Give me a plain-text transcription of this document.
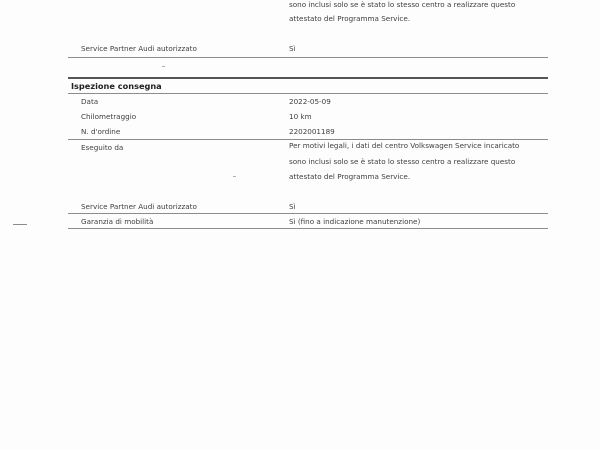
sono inclusi solo se è stato lo stesso centro a realizzare questo
attestato del Programma Service.
Service Partner Audi autorizzato	Sì
Ispezione consegna
Data	2022-05-09
Chilometraggio	10 km
N. d'ordine	2202001189
Eseguito da	Per motivi legali, i dati del centro Volkswagen Service incaricato
sono inclusi solo se è stato lo stesso centro a realizzare questo
attestato del Programma Service.
Service Partner Audi autorizzato	Sì
Garanzia di mobilità	Sì (fino a indicazione manutenzione)
